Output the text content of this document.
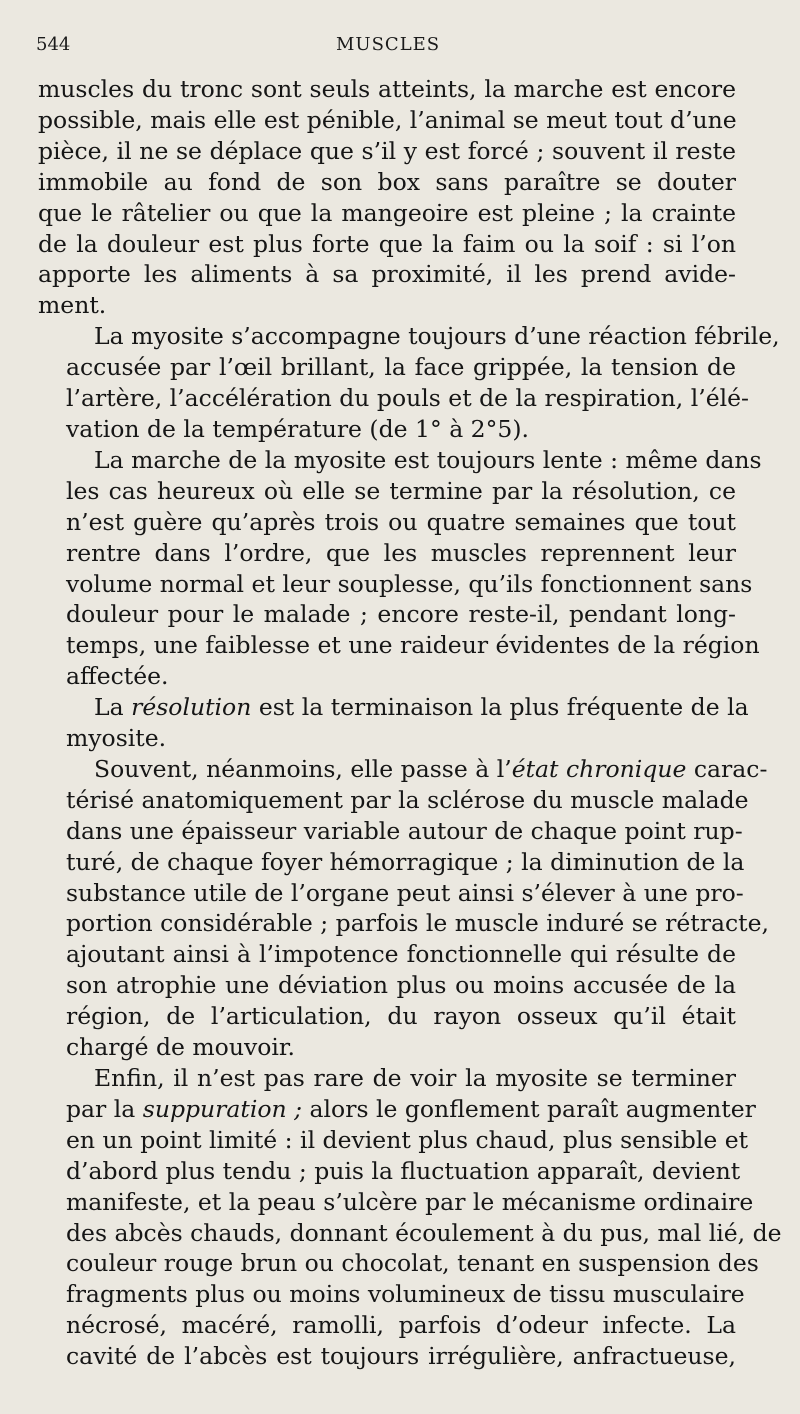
544	MUSCLES
muscles du tronc sont seuls atteints, la marche est encore
possible, mais elle est pénible, l’animal se meut tout d’une
pièce, il ne se déplace que s’il y est forcé ; souvent il reste
immobile au fond de son box sans paraître se douter
que le râtelier ou que la mangeoire est pleine ; la crainte
de la douleur est plus forte que la faim ou la soif : si l’on
apporte les aliments à sa proximité, il les prend avide-
ment.
La myosite s’accompagne toujours d’une réaction fébrile,
accusée par l’œil brillant, la face grippée, la tension de
l’artère, l’accélération du pouls et de la respiration, l’élé-
vation de la température (de 1° à 2°5).
La marche de la myosite est toujours lente : même dans
les cas heureux où elle se termine par la résolution, ce
n’est guère qu’après trois ou quatre semaines que tout
rentre dans l’ordre, que les muscles reprennent leur
volume normal et leur souplesse, qu’ils fonctionnent sans
douleur pour le malade ; encore reste-il, pendant long-
temps, une faiblesse et une raideur évidentes de la région
affectée.
La résolution est la terminaison la plus fréquente de la
myosite.
Souvent, néanmoins, elle passe à l’état chronique carac-
térisé anatomiquement par la sclérose du muscle malade
dans une épaisseur variable autour de chaque point rup-
turé, de chaque foyer hémorragique ; la diminution de la
substance utile de l’organe peut ainsi s’élever à une pro-
portion considérable ; parfois le muscle induré se rétracte,
ajoutant ainsi à l’impotence fonctionnelle qui résulte de
son atrophie une déviation plus ou moins accusée de la
région, de l’articulation, du rayon osseux qu’il était
chargé de mouvoir.
Enfin, il n’est pas rare de voir la myosite se terminer
par la suppuration ; alors le gonflement paraît augmenter
en un point limité : il devient plus chaud, plus sensible et
d’abord plus tendu ; puis la fluctuation apparaît, devient
manifeste, et la peau s’ulcère par le mécanisme ordinaire
des abcès chauds, donnant écoulement à du pus, mal lié, de
couleur rouge brun ou chocolat, tenant en suspension des
fragments plus ou moins volumineux de tissu musculaire
nécrosé, macéré, ramolli, parfois d’odeur infecte. La
cavité de l’abcès est toujours irrégulière, anfractueuse,
